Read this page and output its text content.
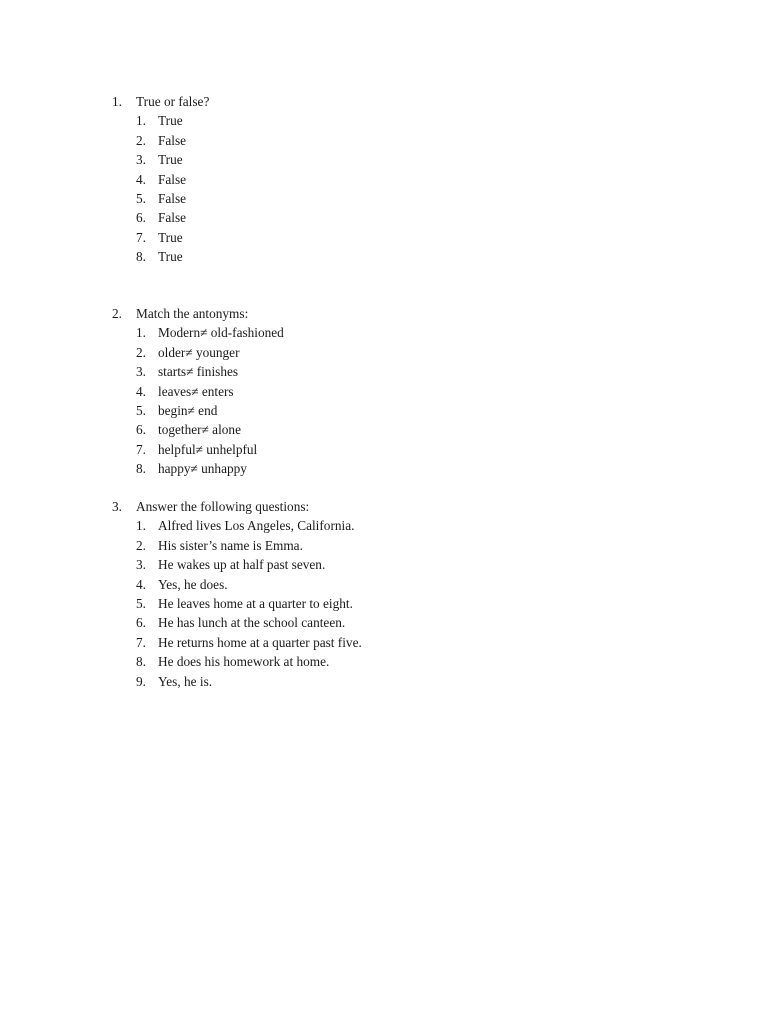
1. True or false?
1. True
2. False
3. True
4. False
5. False
6. False
7. True
8. True
2. Match the antonyms:
1. Modern≠ old-fashioned
2. older≠ younger
3. starts≠ finishes
4. leaves≠ enters
5. begin≠ end
6. together≠ alone
7. helpful≠ unhelpful
8. happy≠ unhappy
3. Answer the following questions:
1. Alfred lives Los Angeles, California.
2. His sister’s name is Emma.
3. He wakes up at half past seven.
4. Yes, he does.
5. He leaves home at a quarter to eight.
6. He has lunch at the school canteen.
7. He returns home at a quarter past five.
8. He does his homework at home.
9. Yes, he is.
